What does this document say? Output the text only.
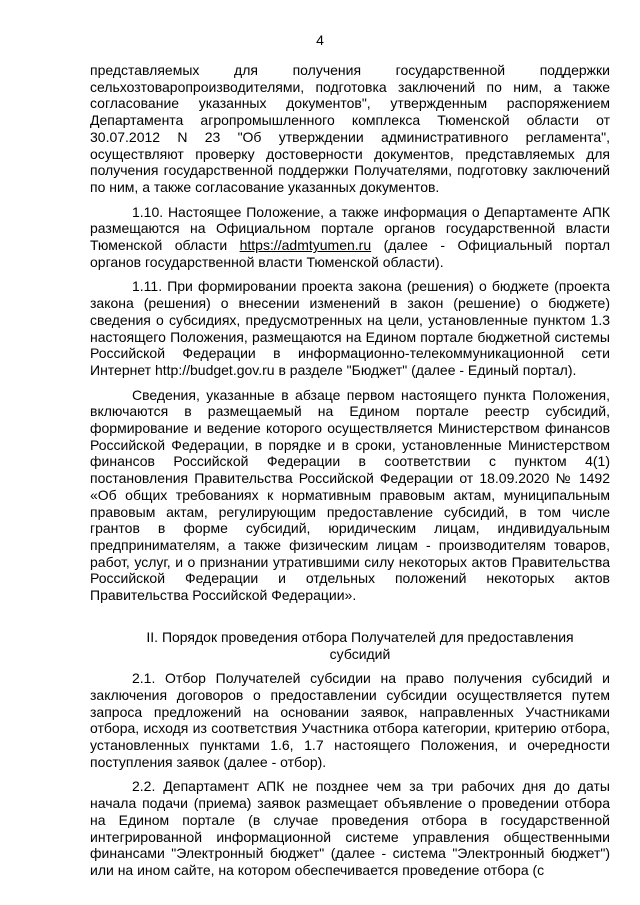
4

представляемых для получения государственной поддержки сельхозтоваропроизводителями, подготовка заключений по ним, а также согласование указанных документов", утвержденным распоряжением Департамента агропромышленного комплекса Тюменской области от 30.07.2012 N 23 "Об утверждении административного регламента", осуществляют проверку достоверности документов, представляемых для получения государственной поддержки Получателями, подготовку заключений по ним, а также согласование указанных документов.

1.10. Настоящее Положение, а также информация о Департаменте АПК размещаются на Официальном портале органов государственной власти Тюменской области https://admtyumen.ru (далее - Официальный портал органов государственной власти Тюменской области).

1.11. При формировании проекта закона (решения) о бюджете (проекта закона (решения) о внесении изменений в закон (решение) о бюджете) сведения о субсидиях, предусмотренных на цели, установленные пунктом 1.3 настоящего Положения, размещаются на Едином портале бюджетной системы Российской Федерации в информационно-телекоммуникационной сети Интернет http://budget.gov.ru в разделе "Бюджет" (далее - Единый портал).

Сведения, указанные в абзаце первом настоящего пункта Положения, включаются в размещаемый на Едином портале реестр субсидий, формирование и ведение которого осуществляется Министерством финансов Российской Федерации, в порядке и в сроки, установленные Министерством финансов Российской Федерации в соответствии с пунктом 4(1) постановления Правительства Российской Федерации от 18.09.2020 № 1492 «Об общих требованиях к нормативным правовым актам, муниципальным правовым актам, регулирующим предоставление субсидий, в том числе грантов в форме субсидий, юридическим лицам, индивидуальным предпринимателям, а также физическим лицам - производителям товаров, работ, услуг, и о признании утратившими силу некоторых актов Правительства Российской Федерации и отдельных положений некоторых актов Правительства Российской Федерации».

II. Порядок проведения отбора Получателей для предоставления субсидий

2.1. Отбор Получателей субсидии на право получения субсидий и заключения договоров о предоставлении субсидии осуществляется путем запроса предложений на основании заявок, направленных Участниками отбора, исходя из соответствия Участника отбора категории, критерию отбора, установленных пунктами 1.6, 1.7 настоящего Положения, и очередности поступления заявок (далее - отбор).

2.2. Департамент АПК не позднее чем за три рабочих дня до даты начала подачи (приема) заявок размещает объявление о проведении отбора на Едином портале (в случае проведения отбора в государственной интегрированной информационной системе управления общественными финансами "Электронный бюджет" (далее - система "Электронный бюджет") или на ином сайте, на котором обеспечивается проведение отбора (с
